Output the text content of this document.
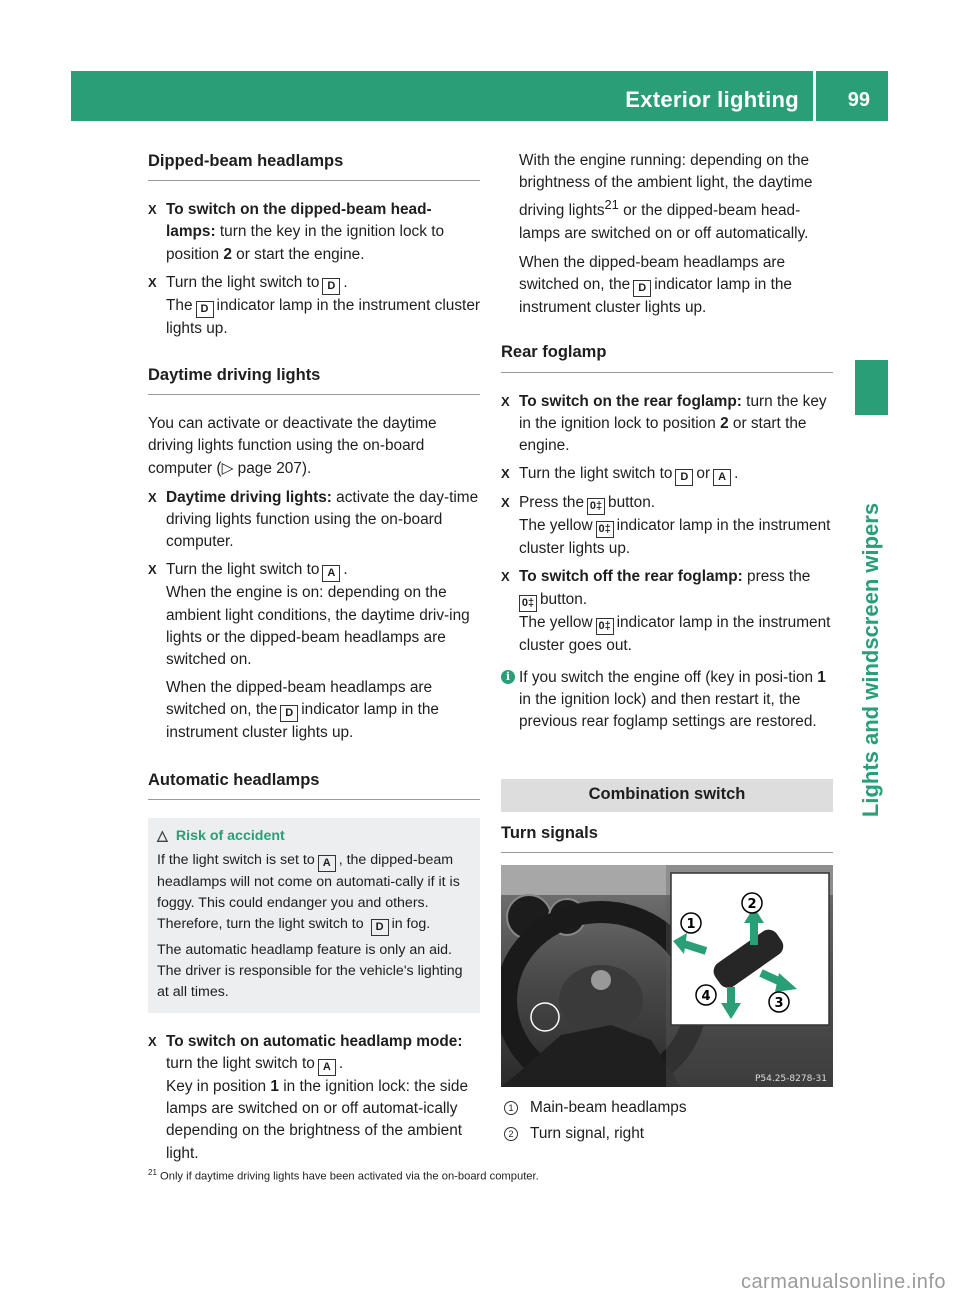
Exterior lighting	99
Lights and windscreen wipers
Dipped-beam headlamps
X To switch on the dipped-beam head-lamps: turn the key in the ignition lock to position 2 or start the engine.
X Turn the light switch to D .
The D indicator lamp in the instrument cluster lights up.
Daytime driving lights

You can activate or deactivate the daytime driving lights function using the on-board computer (▷ page 207).

X Daytime driving lights: activate the day-time driving lights function using the on-board computer.
X Turn the light switch to A .
When the engine is on: depending on the ambient light conditions, the daytime driv-ing lights or the dipped-beam headlamps are switched on.
When the dipped-beam headlamps are switched on, the D indicator lamp in the instrument cluster lights up.
Automatic headlamps
△ Risk of accident
If the light switch is set to A , the dipped-beam headlamps will not come on automati-cally if it is foggy. This could endanger you and others. Therefore, turn the light switch to D in fog.
The automatic headlamp feature is only an aid. The driver is responsible for the vehicle's lighting at all times.
X To switch on automatic headlamp mode: turn the light switch to A .
Key in position 1 in the ignition lock: the side lamps are switched on or off automat-ically depending on the brightness of the ambient light.

With the engine running: depending on the brightness of the ambient light, the daytime driving lights$^{21}$ or the dipped-beam head-lamps are switched on or off automatically.

When the dipped-beam headlamps are switched on, the D indicator lamp in the instrument cluster lights up.

Rear foglamp
X To switch on the rear foglamp: turn the key in the ignition lock to position 2 or start the engine.
X Turn the light switch to D or A .
X Press the 0‡ button.
The yellow 0‡ indicator lamp in the instrument cluster lights up.
X To switch off the rear foglamp: press the
0‡ button.
The yellow 0‡ indicator lamp in the instrument cluster goes out.
i If you switch the engine off (key in posi-tion 1 in the ignition lock) and then restart it, the previous rear foglamp settings are restored.
Combination switch
Turn signals
1
2
3
4
P54.25-8278-31
1 Main-beam headlamps
2 Turn signal, right
$^{21}$ Only if daytime driving lights have been activated via the on-board computer.
carmanualsonline.info
